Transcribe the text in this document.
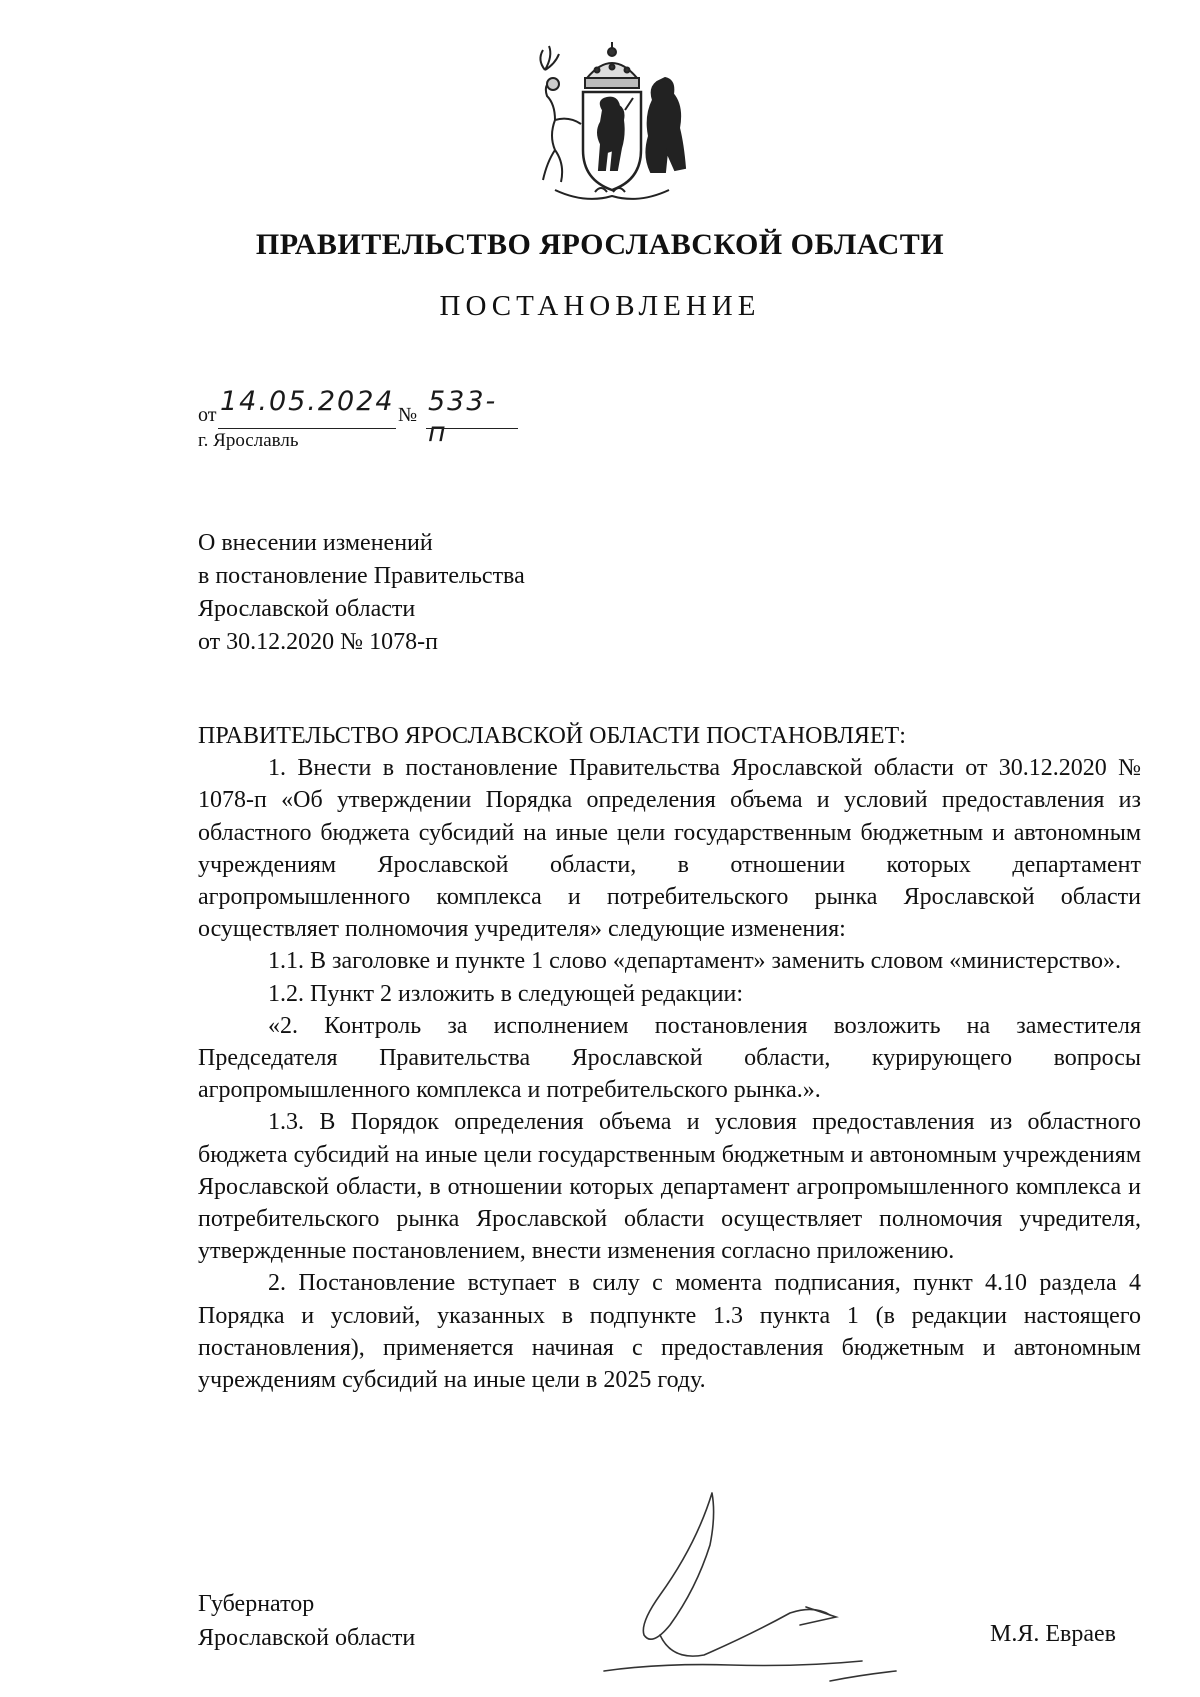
ПРАВИТЕЛЬСТВО ЯРОСЛАВСКОЙ ОБЛАСТИ
ПОСТАНОВЛЕНИЕ
от 14.05.2024 № 533-п
г. Ярославль
О внесении изменений
в постановление Правительства
Ярославской области
от 30.12.2020 № 1078-п
ПРАВИТЕЛЬСТВО ЯРОСЛАВСКОЙ ОБЛАСТИ ПОСТАНОВЛЯЕТ:

1. Внести в постановление Правительства Ярославской области от 30.12.2020 № 1078-п «Об утверждении Порядка определения объема и условий предоставления из областного бюджета субсидий на иные цели государственным бюджетным и автономным учреждениям Ярославской области, в отношении которых департамент агропромышленного комплекса и потребительского рынка Ярославской области осуществляет полномочия учредителя» следующие изменения:

1.1. В заголовке и пункте 1 слово «департамент» заменить словом «министерство».

1.2. Пункт 2 изложить в следующей редакции:

«2. Контроль за исполнением постановления возложить на заместителя Председателя Правительства Ярославской области, курирующего вопросы агропромышленного комплекса и потребительского рынка.».

1.3. В Порядок определения объема и условия предоставления из областного бюджета субсидий на иные цели государственным бюджетным и автономным учреждениям Ярославской области, в отношении которых департамент агропромышленного комплекса и потребительского рынка Ярославской области осуществляет полномочия учредителя, утвержденные постановлением, внести изменения согласно приложению.

2. Постановление вступает в силу с момента подписания, пункт 4.10 раздела 4 Порядка и условий, указанных в подпункте 1.3 пункта 1 (в редакции настоящего постановления), применяется начиная с предоставления бюджетным и автономным учреждениям субсидий на иные цели в 2025 году.

Губернатор
Ярославской области	М.Я. Евраев
